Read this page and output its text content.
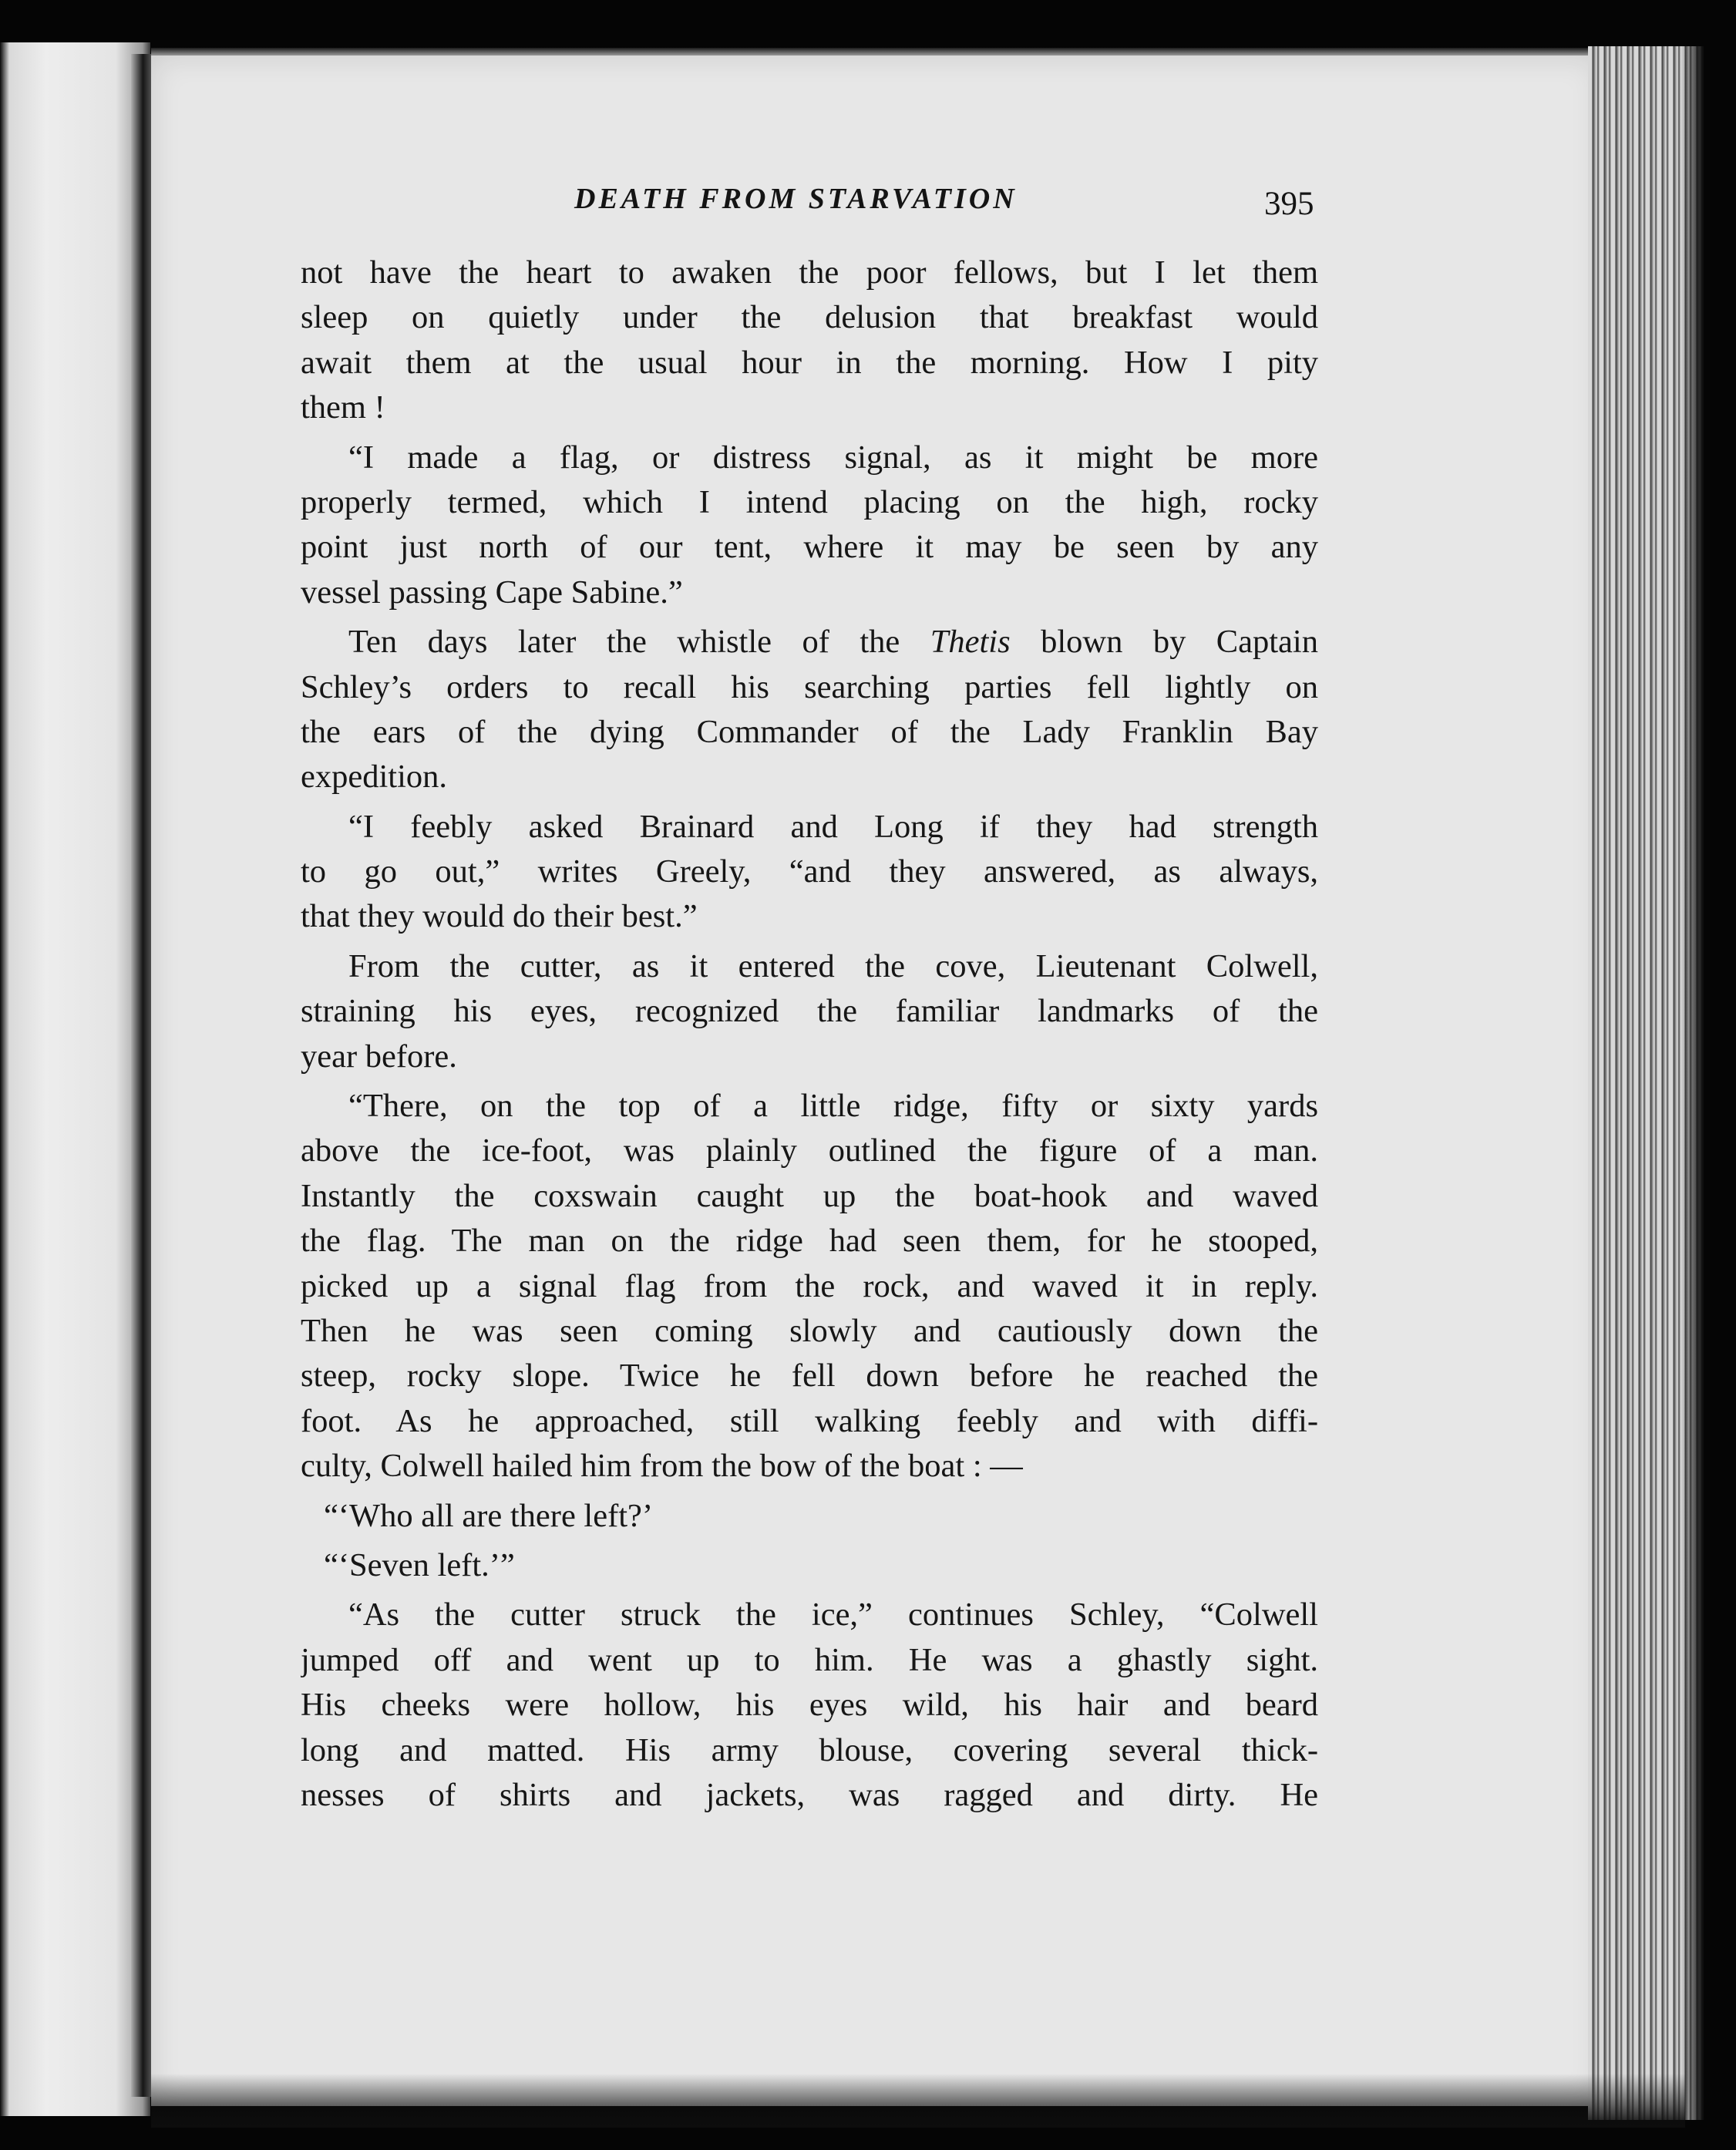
DEATH FROM STARVATION	395
not have the heart to awaken the poor fellows, but I let them
sleep on quietly under the delusion that breakfast would
await them at the usual hour in the morning. How I pity
them !
“I made a flag, or distress signal, as it might be more
properly termed, which I intend placing on the high, rocky
point just north of our tent, where it may be seen by any
vessel passing Cape Sabine.”
Ten days later the whistle of the Thetis blown by Captain
Schley’s orders to recall his searching parties fell lightly on
the ears of the dying Commander of the Lady Franklin Bay
expedition.
“I feebly asked Brainard and Long if they had strength
to go out,” writes Greely, “and they answered, as always,
that they would do their best.”
From the cutter, as it entered the cove, Lieutenant Colwell,
straining his eyes, recognized the familiar landmarks of the
year before.
“There, on the top of a little ridge, fifty or sixty yards
above the ice-foot, was plainly outlined the figure of a man.
Instantly the coxswain caught up the boat-hook and waved
the flag. The man on the ridge had seen them, for he stooped,
picked up a signal flag from the rock, and waved it in reply.
Then he was seen coming slowly and cautiously down the
steep, rocky slope. Twice he fell down before he reached the
foot. As he approached, still walking feebly and with diffi-
culty, Colwell hailed him from the bow of the boat : —
“‘Who all are there left?’
“‘Seven left.’”
“As the cutter struck the ice,” continues Schley, “Colwell
jumped off and went up to him. He was a ghastly sight.
His cheeks were hollow, his eyes wild, his hair and beard
long and matted. His army blouse, covering several thick-
nesses of shirts and jackets, was ragged and dirty. He
